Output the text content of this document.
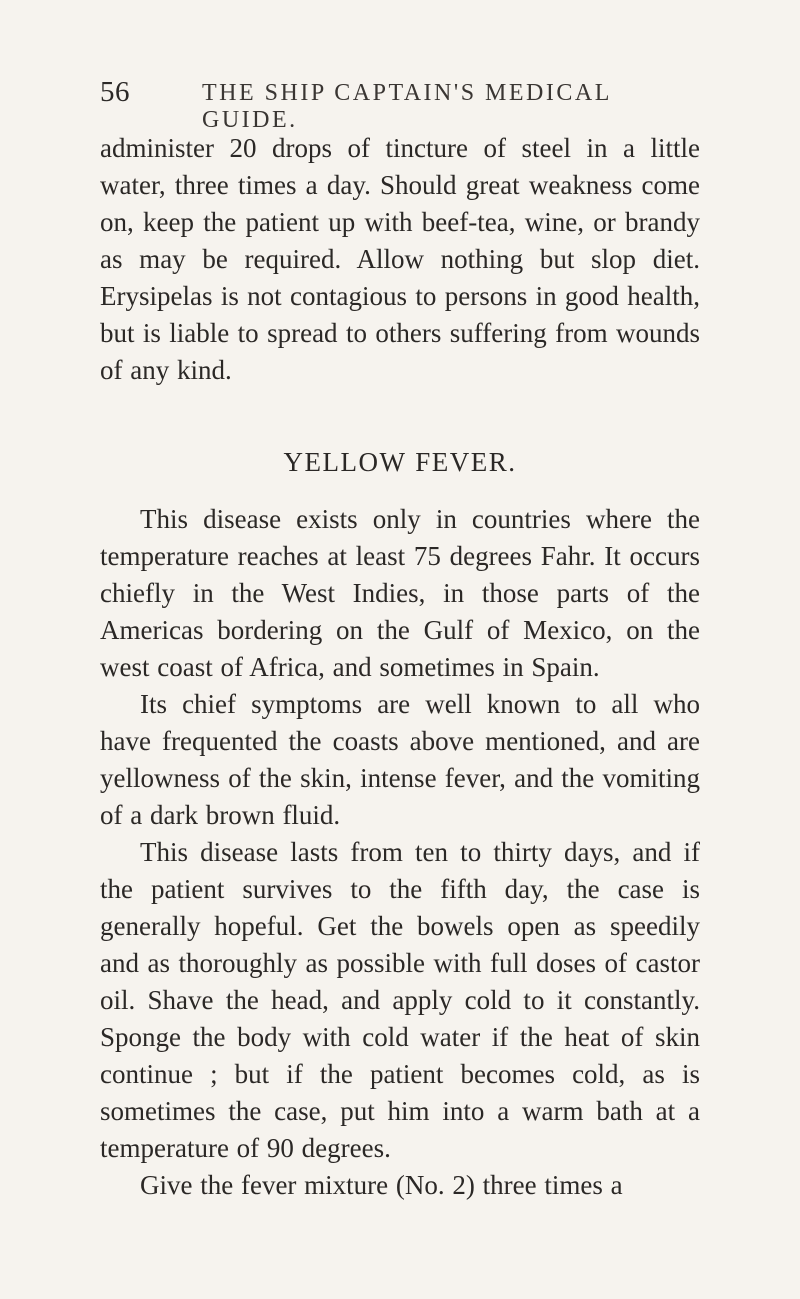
56	THE SHIP CAPTAIN'S MEDICAL GUIDE.

administer 20 drops of tincture of steel in a little water, three times a day. Should great weakness come on, keep the patient up with beef-tea, wine, or brandy as may be required. Allow nothing but slop diet. Erysipelas is not contagious to persons in good health, but is liable to spread to others suffering from wounds of any kind.

YELLOW FEVER.

This disease exists only in countries where the temperature reaches at least 75 degrees Fahr. It occurs chiefly in the West Indies, in those parts of the Americas bordering on the Gulf of Mexico, on the west coast of Africa, and sometimes in Spain.

Its chief symptoms are well known to all who have frequented the coasts above mentioned, and are yellowness of the skin, intense fever, and the vomiting of a dark brown fluid.

This disease lasts from ten to thirty days, and if the patient survives to the fifth day, the case is generally hopeful. Get the bowels open as speedily and as thoroughly as possible with full doses of castor oil. Shave the head, and apply cold to it constantly. Sponge the body with cold water if the heat of skin continue ; but if the patient becomes cold, as is sometimes the case, put him into a warm bath at a temperature of 90 degrees.

Give the fever mixture (No. 2) three times a
